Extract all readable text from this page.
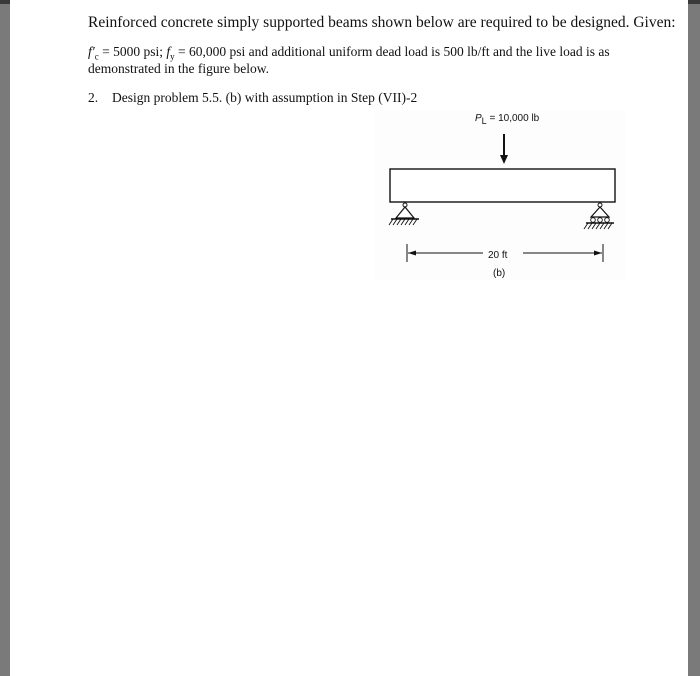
Reinforced concrete simply supported beams shown below are required to be designed. Given:
$f'_c = 5000$ psi; $f_y = 60,000$ psi and additional uniform dead load is 500 lb/ft and the live load is as
demonstrated in the figure below.
2. Design problem 5.5. (b) with assumption in Step (VII)-2
$P_L = 10,000$ lb
20 ft
(b)
